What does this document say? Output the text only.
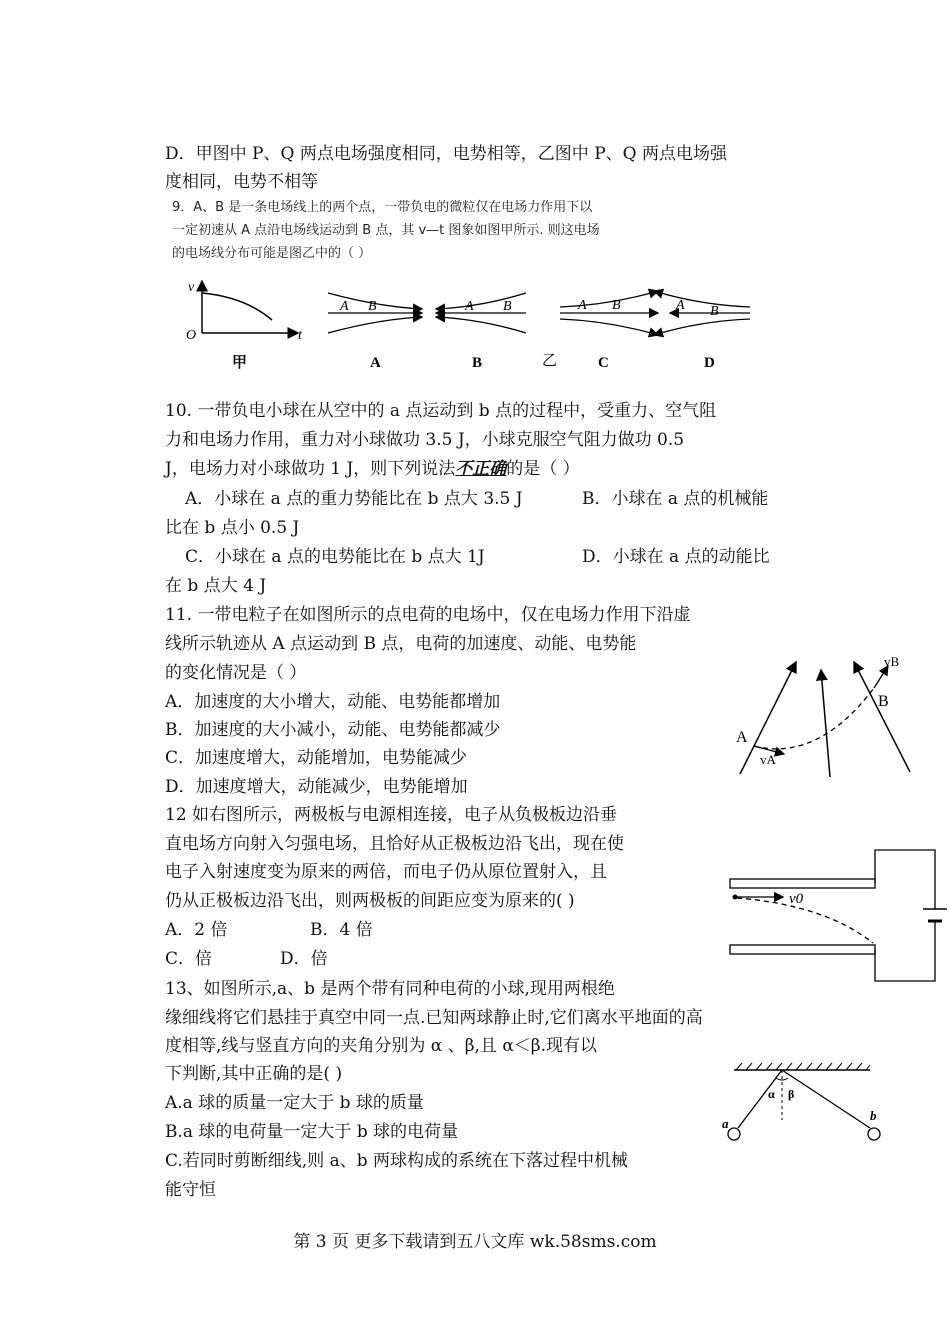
D．甲图中 P、Q 两点电场强度相同，电势相等，乙图中 P、Q 两点电场强
度相同，电势不相等
9．A、B 是一条电场线上的两个点，一带负电的微粒仅在电场力作用下以
一定初速从 A 点沿电场线运动到 B 点，其 v—t 图象如图甲所示. 则这电场
的电场线分布可能是图乙中的（ ）
v
t
O
甲
A B
A
A B
B	乙
A B
C
A B
D
10. 一带负电小球在从空中的 a 点运动到 b 点的过程中，受重力、空气阻
力和电场力作用，重力对小球做功 3.5 J，小球克服空气阻力做功 0.5
J，电场力对小球做功 1 J，则下列说法不正确的是（ ）
A．小球在 a 点的重力势能比在 b 点大 3.5 J	B．小球在 a 点的机械能
比在 b 点小 0.5 J
C．小球在 a 点的电势能比在 b 点大 1J	D．小球在 a 点的动能比
在 b 点大 4 J
11. 一带电粒子在如图所示的点电荷的电场中，仅在电场力作用下沿虚
线所示轨迹从 A 点运动到 B 点，电荷的加速度、动能、电势能
的变化情况是（ ）
A．加速度的大小增大，动能、电势能都增加
B．加速度的大小减小，动能、电势能都减少
C．加速度增大，动能增加，电势能减少
D．加速度增大，动能减少，电势能增加
A
B
vA
vB
12 如右图所示，两极板与电源相连接，电子从负极板边沿垂
直电场方向射入匀强电场，且恰好从正极板边沿飞出，现在使
电子入射速度变为原来的两倍，而电子仍从原位置射入，且
仍从正极板边沿飞出，则两极板的间距应变为原来的( )
A．2 倍	B．4 倍
C．倍	D．倍
v0
13、如图所示,a、b 是两个带有同种电荷的小球,现用两根绝
缘细线将它们悬挂于真空中同一点.已知两球静止时,它们离水平地面的高
度相等,线与竖直方向的夹角分别为 α 、β,且 α＜β.现有以
下判断,其中正确的是( )
A.a 球的质量一定大于 b 球的质量
B.a 球的电荷量一定大于 b 球的电荷量
C.若同时剪断细线,则 a、b 两球构成的系统在下落过程中机械
能守恒
α β
a
b
第 3 页 更多下载请到五八文库 wk.58sms.com
